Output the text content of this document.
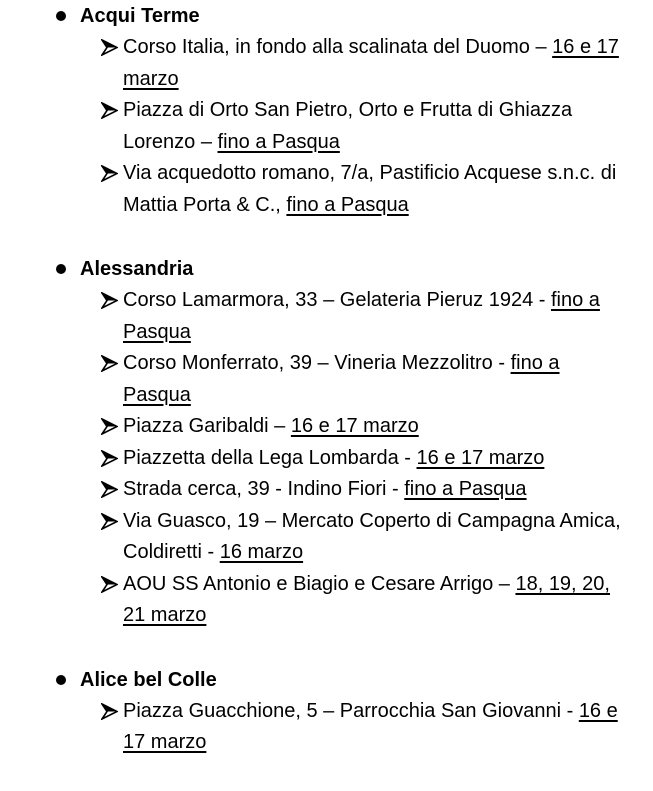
Acqui Terme
Corso Italia, in fondo alla scalinata del Duomo – 16 e 17 marzo
Piazza di Orto San Pietro, Orto e Frutta di Ghiazza Lorenzo – fino a Pasqua
Via acquedotto romano, 7/a, Pastificio Acquese s.n.c. di Mattia Porta & C., fino a Pasqua
Alessandria
Corso Lamarmora, 33 – Gelateria Pieruz 1924 - fino a Pasqua
Corso Monferrato, 39 – Vineria Mezzolitro - fino a Pasqua
Piazza Garibaldi – 16 e 17 marzo
Piazzetta della Lega Lombarda - 16 e 17 marzo
Strada cerca, 39 - Indino Fiori - fino a Pasqua
Via Guasco, 19 – Mercato Coperto di Campagna Amica, Coldiretti - 16 marzo
AOU SS Antonio e Biagio e Cesare Arrigo – 18, 19, 20, 21 marzo
Alice bel Colle
Piazza Guacchione, 5 – Parrocchia San Giovanni - 16 e 17 marzo
